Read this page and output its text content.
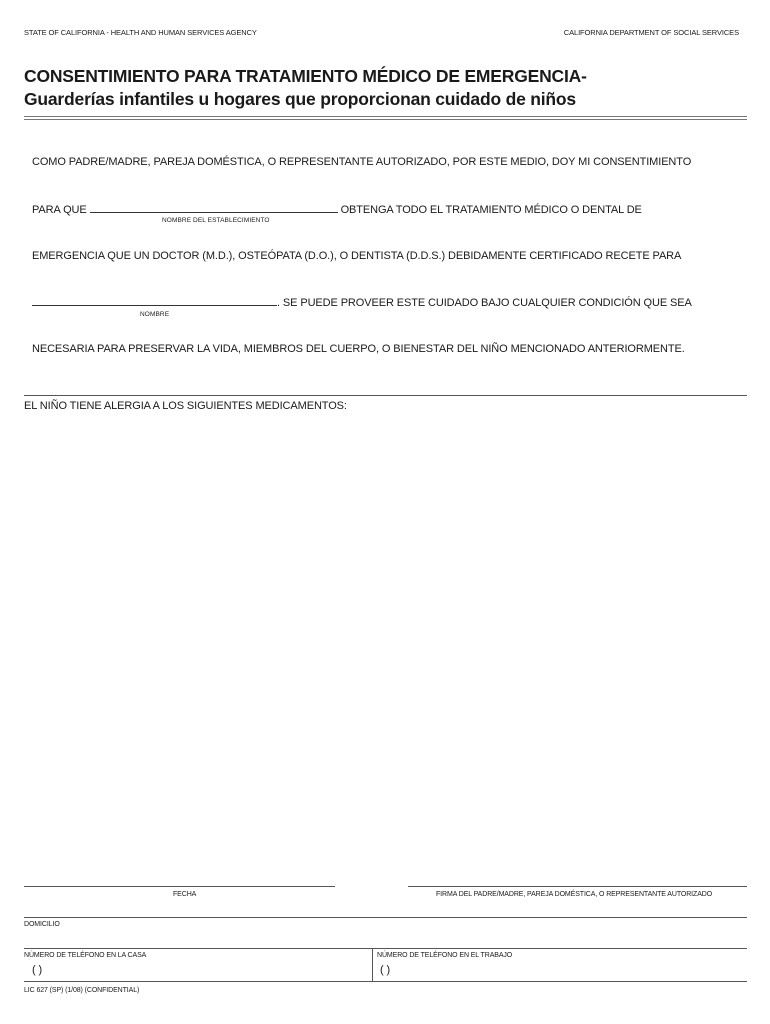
STATE OF CALIFORNIA - HEALTH AND HUMAN SERVICES AGENCY	CALIFORNIA DEPARTMENT OF SOCIAL SERVICES
CONSENTIMIENTO PARA TRATAMIENTO MÉDICO DE EMERGENCIA-
Guarderías infantiles u hogares que proporcionan cuidado de niños
COMO PADRE/MADRE, PAREJA DOMÉSTICA, O REPRESENTANTE AUTORIZADO, POR ESTE MEDIO, DOY MI CONSENTIMIENTO
PARA QUE	OBTENGA TODO EL TRATAMIENTO MÉDICO O DENTAL DE
NOMBRE DEL ESTABLECIMIENTO
EMERGENCIA QUE UN DOCTOR (M.D.), OSTEÓPATA (D.O.), O DENTISTA (D.D.S.) DEBIDAMENTE CERTIFICADO RECETE PARA
. SE PUEDE PROVEER ESTE CUIDADO BAJO CUALQUIER CONDICIÓN QUE SEA
NOMBRE
NECESARIA PARA PRESERVAR LA VIDA, MIEMBROS DEL CUERPO, O BIENESTAR DEL NIÑO MENCIONADO ANTERIORMENTE.
EL NIÑO TIENE ALERGIA A LOS SIGUIENTES MEDICAMENTOS:
FECHA	FIRMA DEL PADRE/MADRE, PAREJA DOMÉSTICA, O REPRESENTANTE AUTORIZADO
DOMICILIO
NÚMERO DE TELÉFONO EN LA CASA
( )
NÚMERO DE TELÉFONO EN EL TRABAJO
( )
LIC 627 (SP) (1/08) (CONFIDENTIAL)
